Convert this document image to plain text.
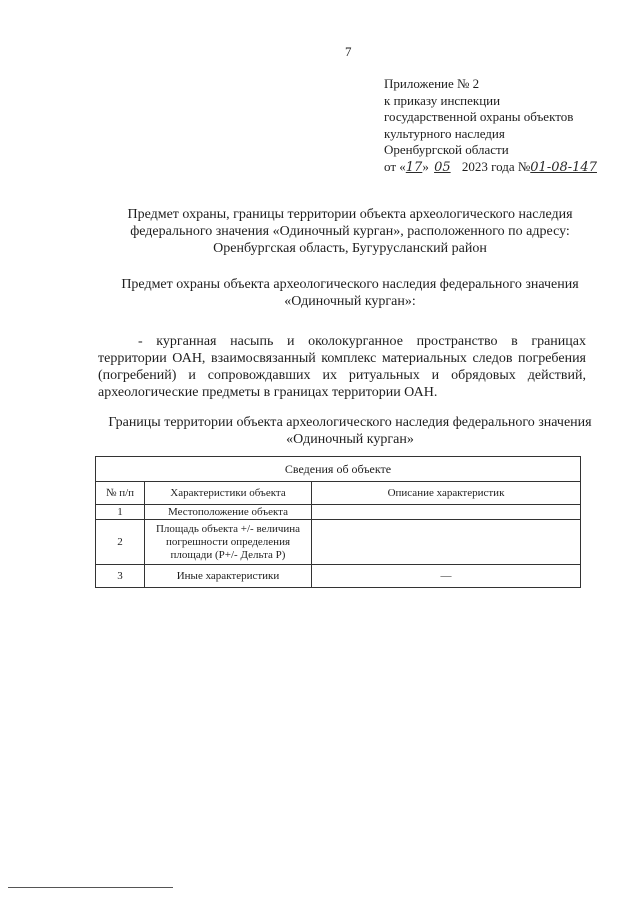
7
Приложение № 2
к приказу инспекции
государственной охраны объектов
культурного наследия
Оренбургской области
от «17» 05 2023 года №01-08-147
Предмет охраны, границы территории объекта археологического наследия федерального значения «Одиночный курган», расположенного по адресу: Оренбургская область, Бугурусланский район
Предмет охраны объекта археологического наследия федерального значения «Одиночный курган»:
- курганная насыпь и околокурганное пространство в границах территории ОАН, взаимосвязанный комплекс материальных следов погребения (погребений) и сопровождавших их ритуальных и обрядовых действий, археологические предметы в границах территории ОАН.
Границы территории объекта археологического наследия федерального значения «Одиночный курган»
Сведения об объекте		
№ п/п	Характеристики объекта	Описание характеристик
1	Местоположение объекта	
2	Площадь объекта +/- величина погрешности определения площади (P+/- Дельта P)	
3	Иные характеристики	—
